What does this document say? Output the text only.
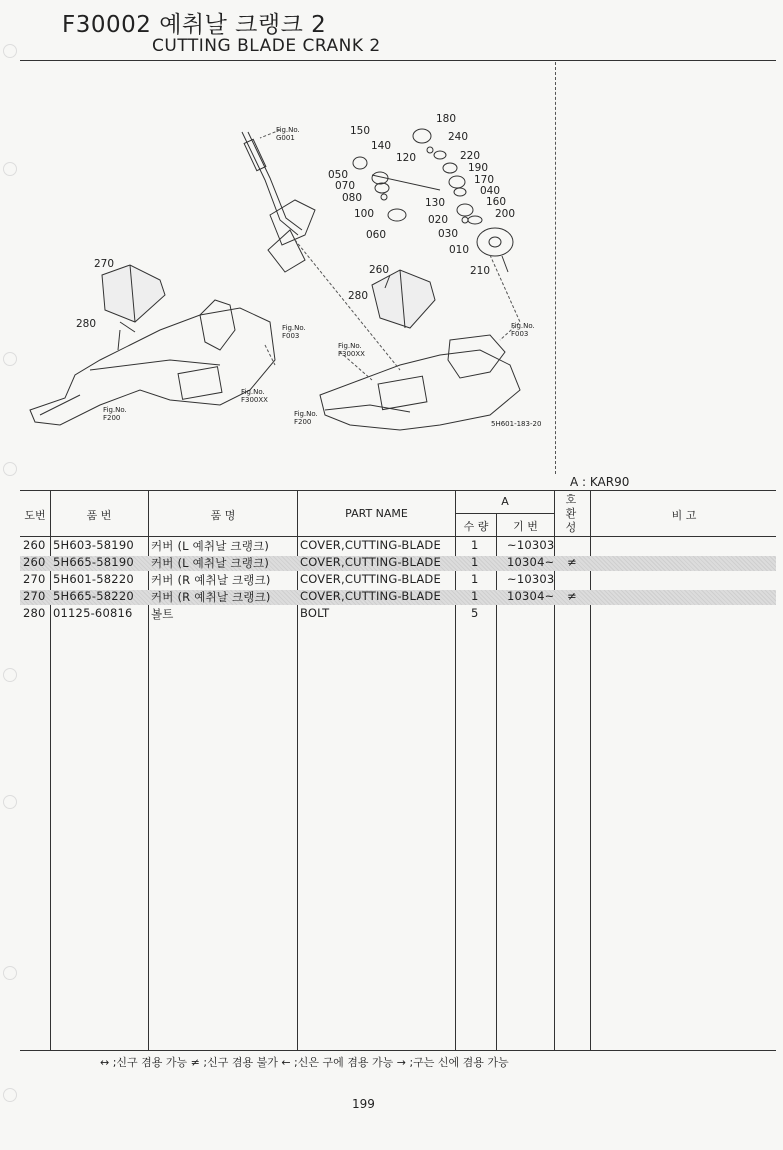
F30002 예취날 크랭크 2
CUTTING BLADE CRANK 2
270
280
150
140
120
180
240
220
190
170
040
050
070
080
100
060
130	160
200
020
030
010
210
260
280
Fig.No.
G001
Fig.No.
F003
Fig.No.
F300XX
Fig.No.
F200
Fig.No.
F300XX
Fig.No.
F003
Fig.No.
F200	5H601-183-20
A : KAR90
도번	품 번	품 명	PART NAME
A
수 량	기 번
호환성
비 고
260 5H603-58190 커버 (L 예취날 크랭크)	COVER,CUTTING-BLADE	1 ~10303
260 5H665-58190 커버 (L 예취날 크랭크)	COVER,CUTTING-BLADE	1 10304~ ≠
270 5H601-58220 커버 (R 예취날 크랭크)	COVER,CUTTING-BLADE	1 ~10303
270 5H665-58220 커버 (R 예취날 크랭크)	COVER,CUTTING-BLADE	1 10304~ ≠
280 01125-60816 볼트	BOLT	5
↔ ;신구 겸용 가능 ≠ ;신구 겸용 불가 ← ;신은 구에 겸용 가능 → ;구는 신에 겸용 가능
199
